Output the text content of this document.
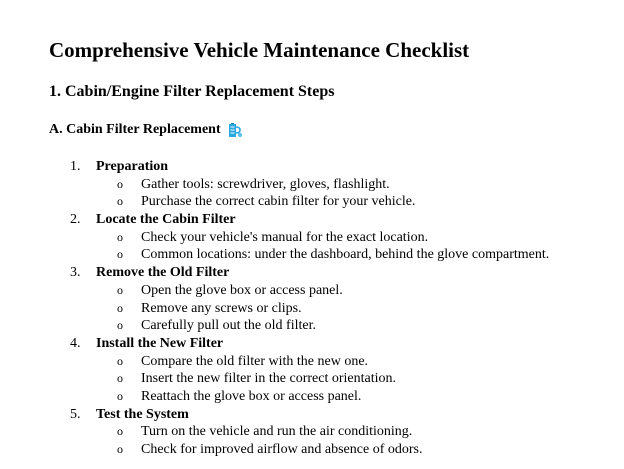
Comprehensive Vehicle Maintenance Checklist
1. Cabin/Engine Filter Replacement Steps
A. Cabin Filter Replacement
1. Preparation
o Gather tools: screwdriver, gloves, flashlight.
o Purchase the correct cabin filter for your vehicle.
2. Locate the Cabin Filter
o Check your vehicle's manual for the exact location.
o Common locations: under the dashboard, behind the glove compartment.
3. Remove the Old Filter
o Open the glove box or access panel.
o Remove any screws or clips.
o Carefully pull out the old filter.
4. Install the New Filter
o Compare the old filter with the new one.
o Insert the new filter in the correct orientation.
o Reattach the glove box or access panel.
5. Test the System
o Turn on the vehicle and run the air conditioning.
o Check for improved airflow and absence of odors.
